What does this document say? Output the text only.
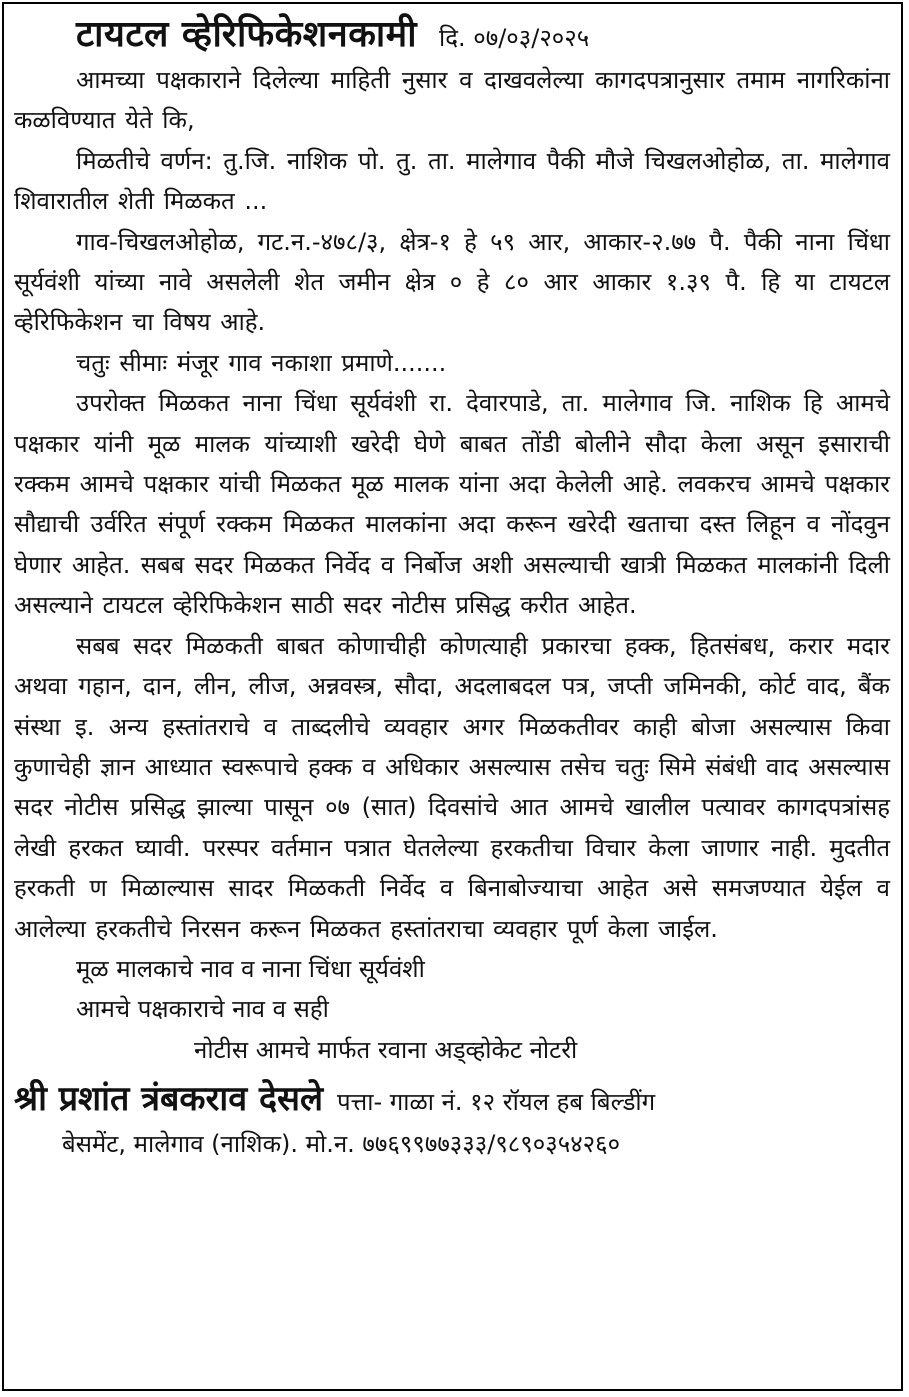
टायटल व्हेरिफिकेशनकामी दि. ०७/०३/२०२५

आमच्या पक्षकाराने दिलेल्या माहिती नुसार व दाखवलेल्या कागदपत्रानुसार तमाम नागरिकांना कळविण्यात येते कि,

मिळतीचे वर्णन: तु.जि. नाशिक पो. तु. ता. मालेगाव पैकी मौजे चिखलओहोळ, ता. मालेगाव शिवारातील शेती मिळकत ...

गाव-चिखलओहोळ, गट.न.-४७८/३, क्षेत्र-१ हे ५९ आर, आकार-२.७७ पै. पैकी नाना चिंधा सूर्यवंशी यांच्या नावे असलेली शेत जमीन क्षेत्र ० हे ८० आर आकार १.३९ पै. हि या टायटल व्हेरिफिकेशन चा विषय आहे.

चतुः सीमाः मंजूर गाव नकाशा प्रमाणे.......

उपरोक्त मिळकत नाना चिंधा सूर्यवंशी रा. देवारपाडे, ता. मालेगाव जि. नाशिक हि आमचे पक्षकार यांनी मूळ मालक यांच्याशी खरेदी घेणे बाबत तोंडी बोलीने सौदा केला असून इसाराची रक्कम आमचे पक्षकार यांची मिळकत मूळ मालक यांना अदा केलेली आहे. लवकरच आमचे पक्षकार सौद्याची उर्वरित संपूर्ण रक्कम मिळकत मालकांना अदा करून खरेदी खताचा दस्त लिहून व नोंदवुन घेणार आहेत. सबब सदर मिळकत निर्वेद व निर्बोज अशी असल्याची खात्री मिळकत मालकांनी दिली असल्याने टायटल व्हेरिफिकेशन साठी सदर नोटीस प्रसिद्ध करीत आहेत.

सबब सदर मिळकती बाबत कोणाचीही कोणत्याही प्रकारचा हक्क, हितसंबध, करार मदार अथवा गहान, दान, लीन, लीज, अन्नवस्त्र, सौदा, अदलाबदल पत्र, जप्ती जमिनकी, कोर्ट वाद, बैंक संस्था इ. अन्य हस्तांतराचे व ताब्दलीचे व्यवहार अगर मिळकतीवर काही बोजा असल्यास किवा कुणाचेही ज्ञान आध्यात स्वरूपाचे हक्क व अधिकार असल्यास तसेच चतुः सिमे संबंधी वाद असल्यास सदर नोटीस प्रसिद्ध झाल्या पासून ०७ (सात) दिवसांचे आत आमचे खालील पत्यावर कागदपत्रांसह लेखी हरकत घ्यावी. परस्पर वर्तमान पत्रात घेतलेल्या हरकतीचा विचार केला जाणार नाही. मुदतीत हरकती ण मिळाल्यास सादर मिळकती निर्वेद व बिनाबोज्याचा आहेत असे समजण्यात येईल व आलेल्या हरकतीचे निरसन करून मिळकत हस्तांतराचा व्यवहार पूर्ण केला जाईल.

मूळ मालकाचे नाव व नाना चिंधा सूर्यवंशी

आमचे पक्षकाराचे नाव व सही

नोटीस आमचे मार्फत रवाना अड्व्होकेट नोटरी

श्री प्रशांत त्रंबकराव देसले पत्ता- गाळा नं. १२ रॉयल हब बिल्डींग
बेसमेंट, मालेगाव (नाशिक). मो.न. ७७६९९७७३३३/९८९०३५४२६०
